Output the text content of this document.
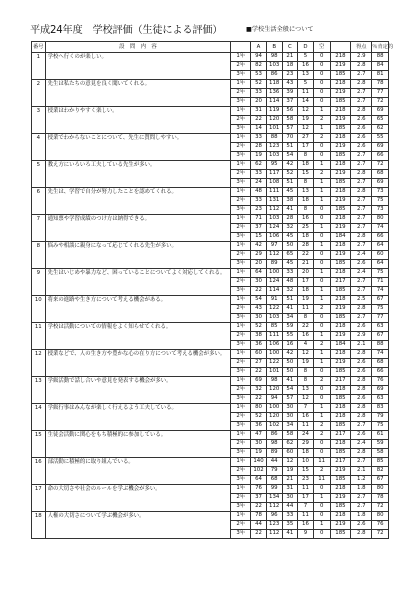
平成24年度　学校評価（生徒による評価）	■学校生活全般について
番号	設　問　内　容		A	B	C	D	空		得点	％肯定的
1	学校へ行くのが楽しい。	1年	94	98	21	5	0	218	2.9	88
		2年	82	103	18	16	0	219	2.8	84
		3年	53	86	23	13	0	185	2.7	81
2	先生は私たちの意見を良く聞いてくれる。	1年	52	118	43	5	0	218	2.8	78
		2年	33	136	39	11	0	219	2.7	77
		3年	20	114	37	14	0	185	2.7	72
3	授業はわかりやすく楽しい。	1年	31	119	56	12	1	218	2.8	69
		2年	22	120	58	19	2	219	2.6	65
		3年	14	101	57	12	1	185	2.6	62
4	授業でわからないことについて、先生に質問しやすい。	1年	33	88	70	27	2	218	2.6	55
		2年	28	123	51	17	0	219	2.6	69
		3年	19	103	54	8	0	185	2.7	66
5	教え方にいろいろ工夫している先生が多い。	1年	62	95	42	18	1	218	2.7	72
		2年	33	117	52	15	2	219	2.8	68
		3年	24	108	51	8	1	185	2.7	69
6	先生は、学習で自分が努力したことを認めてくれる。	1年	48	111	45	13	1	218	2.8	73
		2年	33	131	38	18	1	219	2.7	75
		3年	23	112	41	8	0	185	2.7	73
7	通知票や学習成績のつけ方は納得できる。	1年	71	103	28	16	0	218	2.7	80
		2年	37	124	32	25	1	219	2.7	74
		3年	15	106	45	18	0	184	2.8	66
8	悩みや相談に親身になって応じてくれる先生が多い。	1年	42	97	50	28	1	218	2.7	64
		2年	29	112	65	22	0	219	2.4	60
		3年	20	89	45	21	0	185	2.6	64
9	先生はいじめや暴力など、困っていることについてよく対応してくれる。	1年	64	100	33	20	1	218	2.4	75
		2年	30	124	48	17	0	217	2.7	71
		3年	22	114	32	18	1	185	2.7	74
10	将来の進路や生き方について考える機会がある。	1年	54	91	51	19	1	218	2.5	67
		2年	43	122	41	11	2	219	2.8	75
		3年	30	103	34	8	0	185	2.7	77
11	学校は活動についての情報をよく知らせてくれる。	1年	52	85	59	22	0	218	2.6	63
		2年	38	111	55	16	1	219	2.9	67
		3年	36	106	16	4	2	184	2.1	88
12	授業などで、人の生き方や豊かな心の在り方について考える機会が多い。	1年	60	100	42	12	1	218	2.8	74
		2年	27	122	50	19	1	219	2.6	68
		3年	22	101	50	8	0	185	2.6	66
13	学級活動で話し合いや意見を発表する機会が多い。	1年	69	98	41	8	2	217	2.8	76
		2年	32	120	54	13	0	218	2.8	69
		3年	22	94	57	12	0	185	2.6	63
14	学級行事はみんなが楽しく行えるよう工夫している。	1年	80	100	30	7	1	218	2.8	83
		2年	52	120	30	16	1	218	2.8	79
		3年	36	102	34	11	2	185	2.7	75
15	生徒会活動に関心をもち積極的に参加している。	1年	47	86	58	24	2	217	2.6	61
		2年	30	98	62	29	0	218	2.4	59
		3年	19	89	60	18	0	185	2.8	58
16	部活動に積極的に取り組んでいる。	1年	140	44	12	10	11	217	2.7	85
		2年	102	79	19	15	2	219	2.1	82
		3年	64	68	21	23	11	185	1.2	67
17	命の大切さや社会のルールを学ぶ機会が多い。	1年	76	99	31	11	0	218	1.8	80
		2年	37	134	30	17	1	219	2.7	78
		3年	22	112	44	7	0	185	2.7	72
18	人権の大切さについて学ぶ機会が多い。	1年	78	96	33	11	0	218	1.8	80
		2年	44	123	35	16	1	219	2.6	76
		3年	22	112	41	9	0	185	2.8	72
